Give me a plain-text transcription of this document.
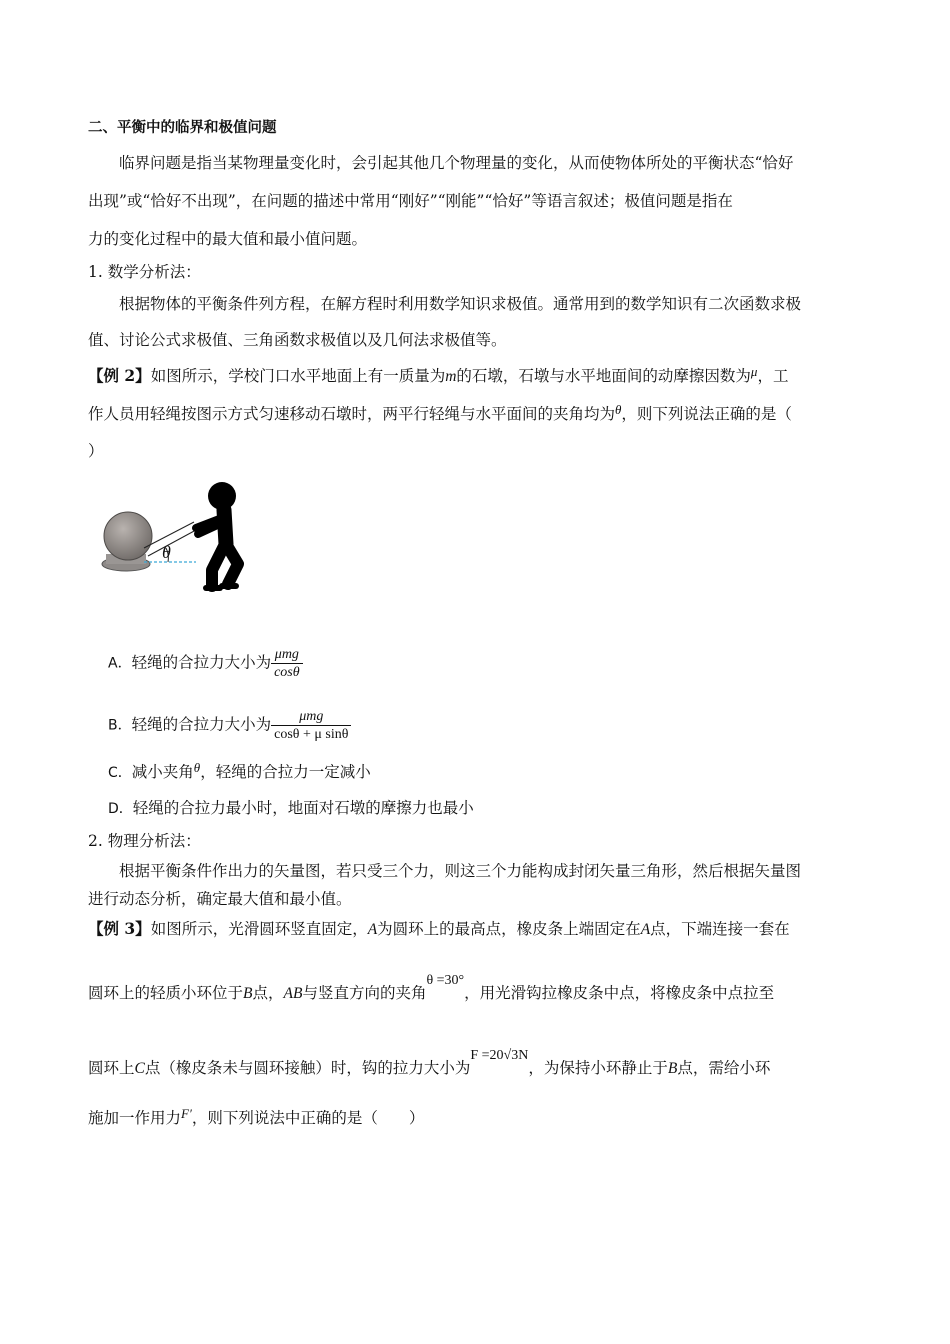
二、平衡中的临界和极值问题
临界问题是指当某物理量变化时，会引起其他几个物理量的变化，从而使物体所处的平衡状态“恰好
出现”或“恰好不出现”，在问题的描述中常用“刚好”“刚能”“恰好”等语言叙述；极值问题是指在
力的变化过程中的最大值和最小值问题。
1. 数学分析法：
根据物体的平衡条件列方程，在解方程时利用数学知识求极值。通常用到的数学知识有二次函数求极
值、讨论公式求极值、三角函数求极值以及几何法求极值等。
【例 2】如图所示，学校门口水平地面上有一质量为m的石墩，石墩与水平地面间的动摩擦因数为$^\mu$，工
作人员用轻绳按图示方式匀速移动石墩时，两平行轻绳与水平面间的夹角均为$^\theta$，则下列说法正确的是（
）
θ
A．轻绳的合拉力大小为 $\frac{\text{μmg}}{\cos\theta}$
B．轻绳的合拉力大小为 $\frac{\text{μmg}}{\text{cosθ + μ sinθ}}$
C．减小夹角$^\theta$，轻绳的合拉力一定减小
D．轻绳的合拉力最小时，地面对石墩的摩擦力也最小
2. 物理分析法：
根据平衡条件作出力的矢量图，若只受三个力，则这三个力能构成封闭矢量三角形，然后根据矢量图
进行动态分析，确定最大值和最小值。
【例 3】如图所示，光滑圆环竖直固定，A为圆环上的最高点，橡皮条上端固定在A点，下端连接一套在
圆环上的轻质小环位于B点，AB与竖直方向的夹角θ =30°，用光滑钩拉橡皮条中点，将橡皮条中点拉至
圆环上C点（橡皮条未与圆环接触）时，钩的拉力大小为F =20√3N，为保持小环静止于B点，需给小环
施加一作用力$^{F'}$，则下列说法中正确的是（　　）
